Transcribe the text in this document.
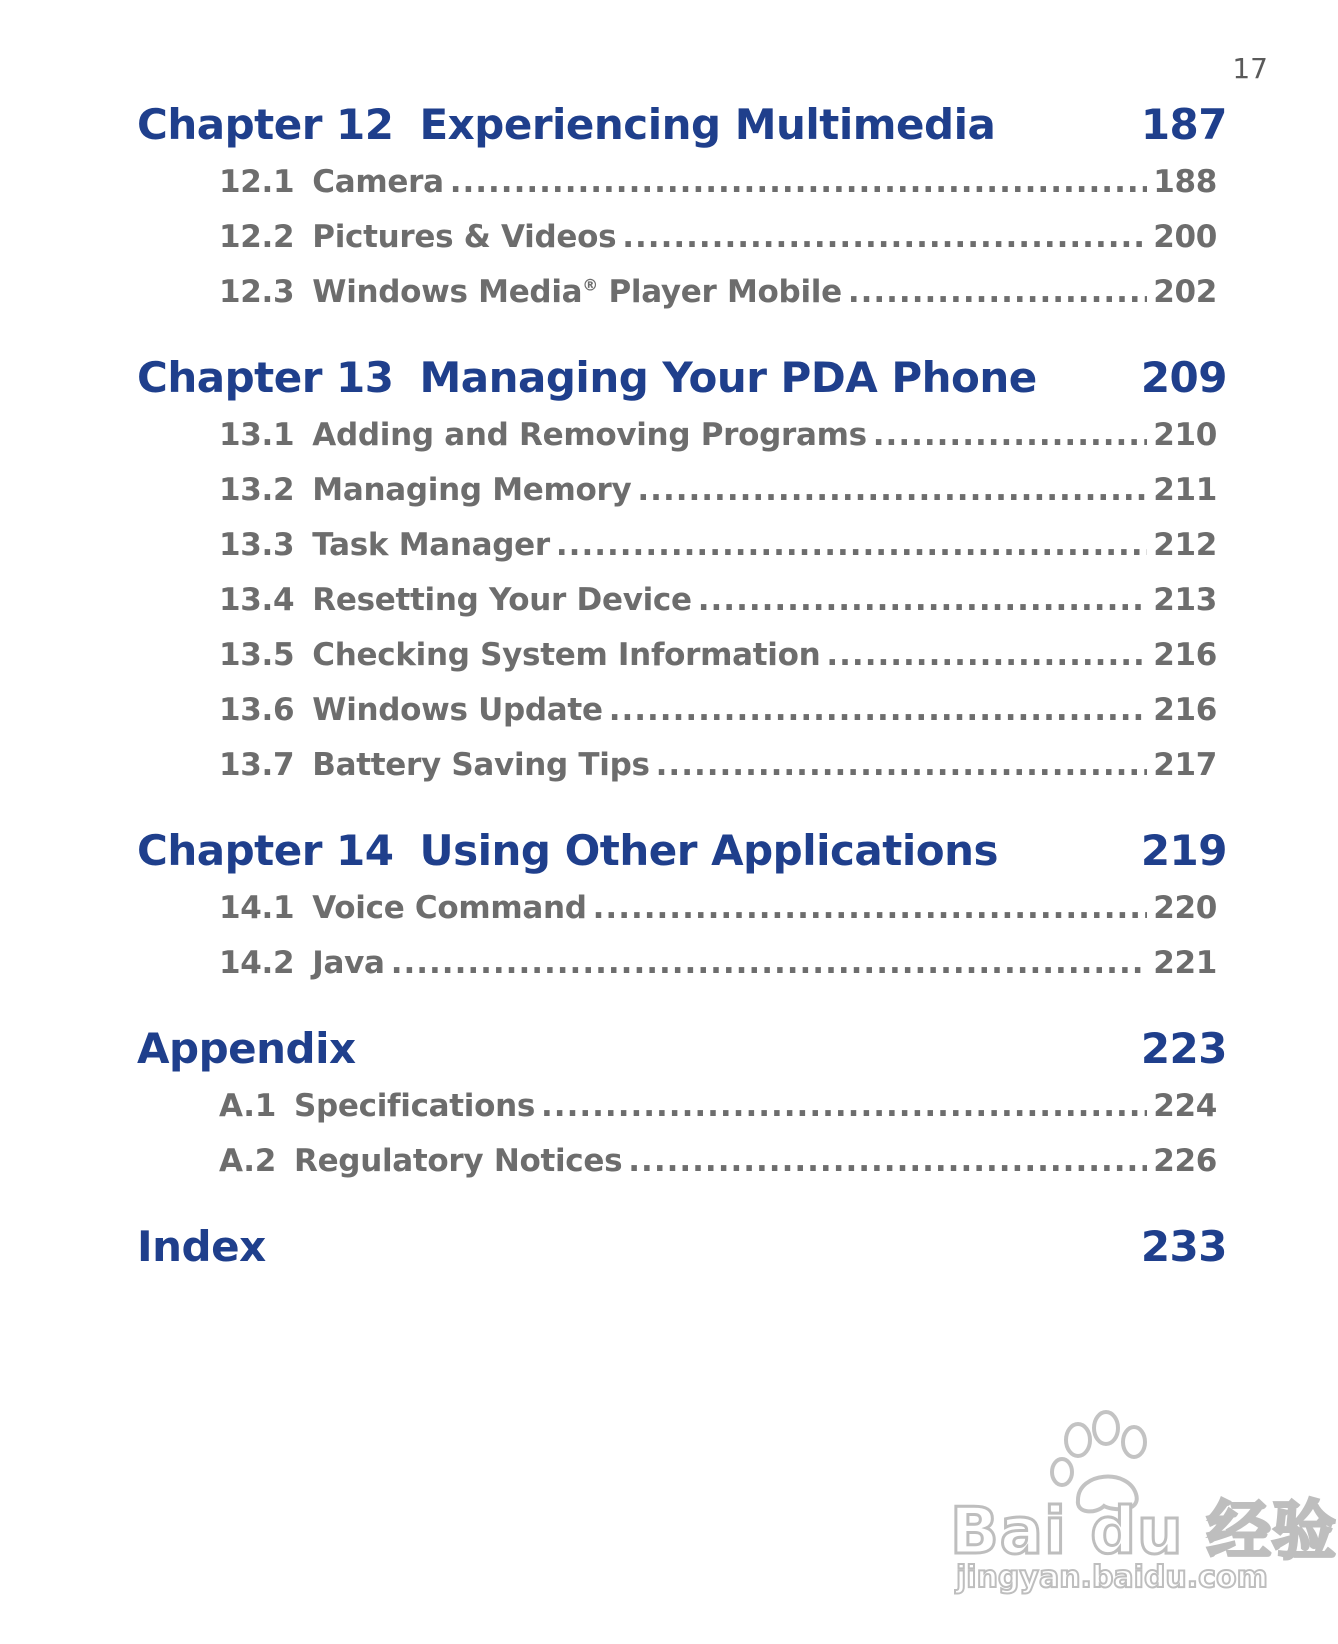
17
Chapter 12 Experiencing Multimedia	187
12.1 Camera .....	188
12.2 Pictures & Videos .....	200
12.3 Windows Media® Player Mobile .....	202
Chapter 13 Managing Your PDA Phone	209
13.1 Adding and Removing Programs .....	210
13.2 Managing Memory .....	211
13.3 Task Manager .....	212
13.4 Resetting Your Device .....	213
13.5 Checking System Information .....	216
13.6 Windows Update .....	216
13.7 Battery Saving Tips .....	217
Chapter 14 Using Other Applications	219
14.1 Voice Command .....	220
14.2 Java .....	221
Appendix	223
A.1 Specifications .....	224
A.2 Regulatory Notices .....	226
Index	233
Bai du 经验
jingyan.baidu.com
